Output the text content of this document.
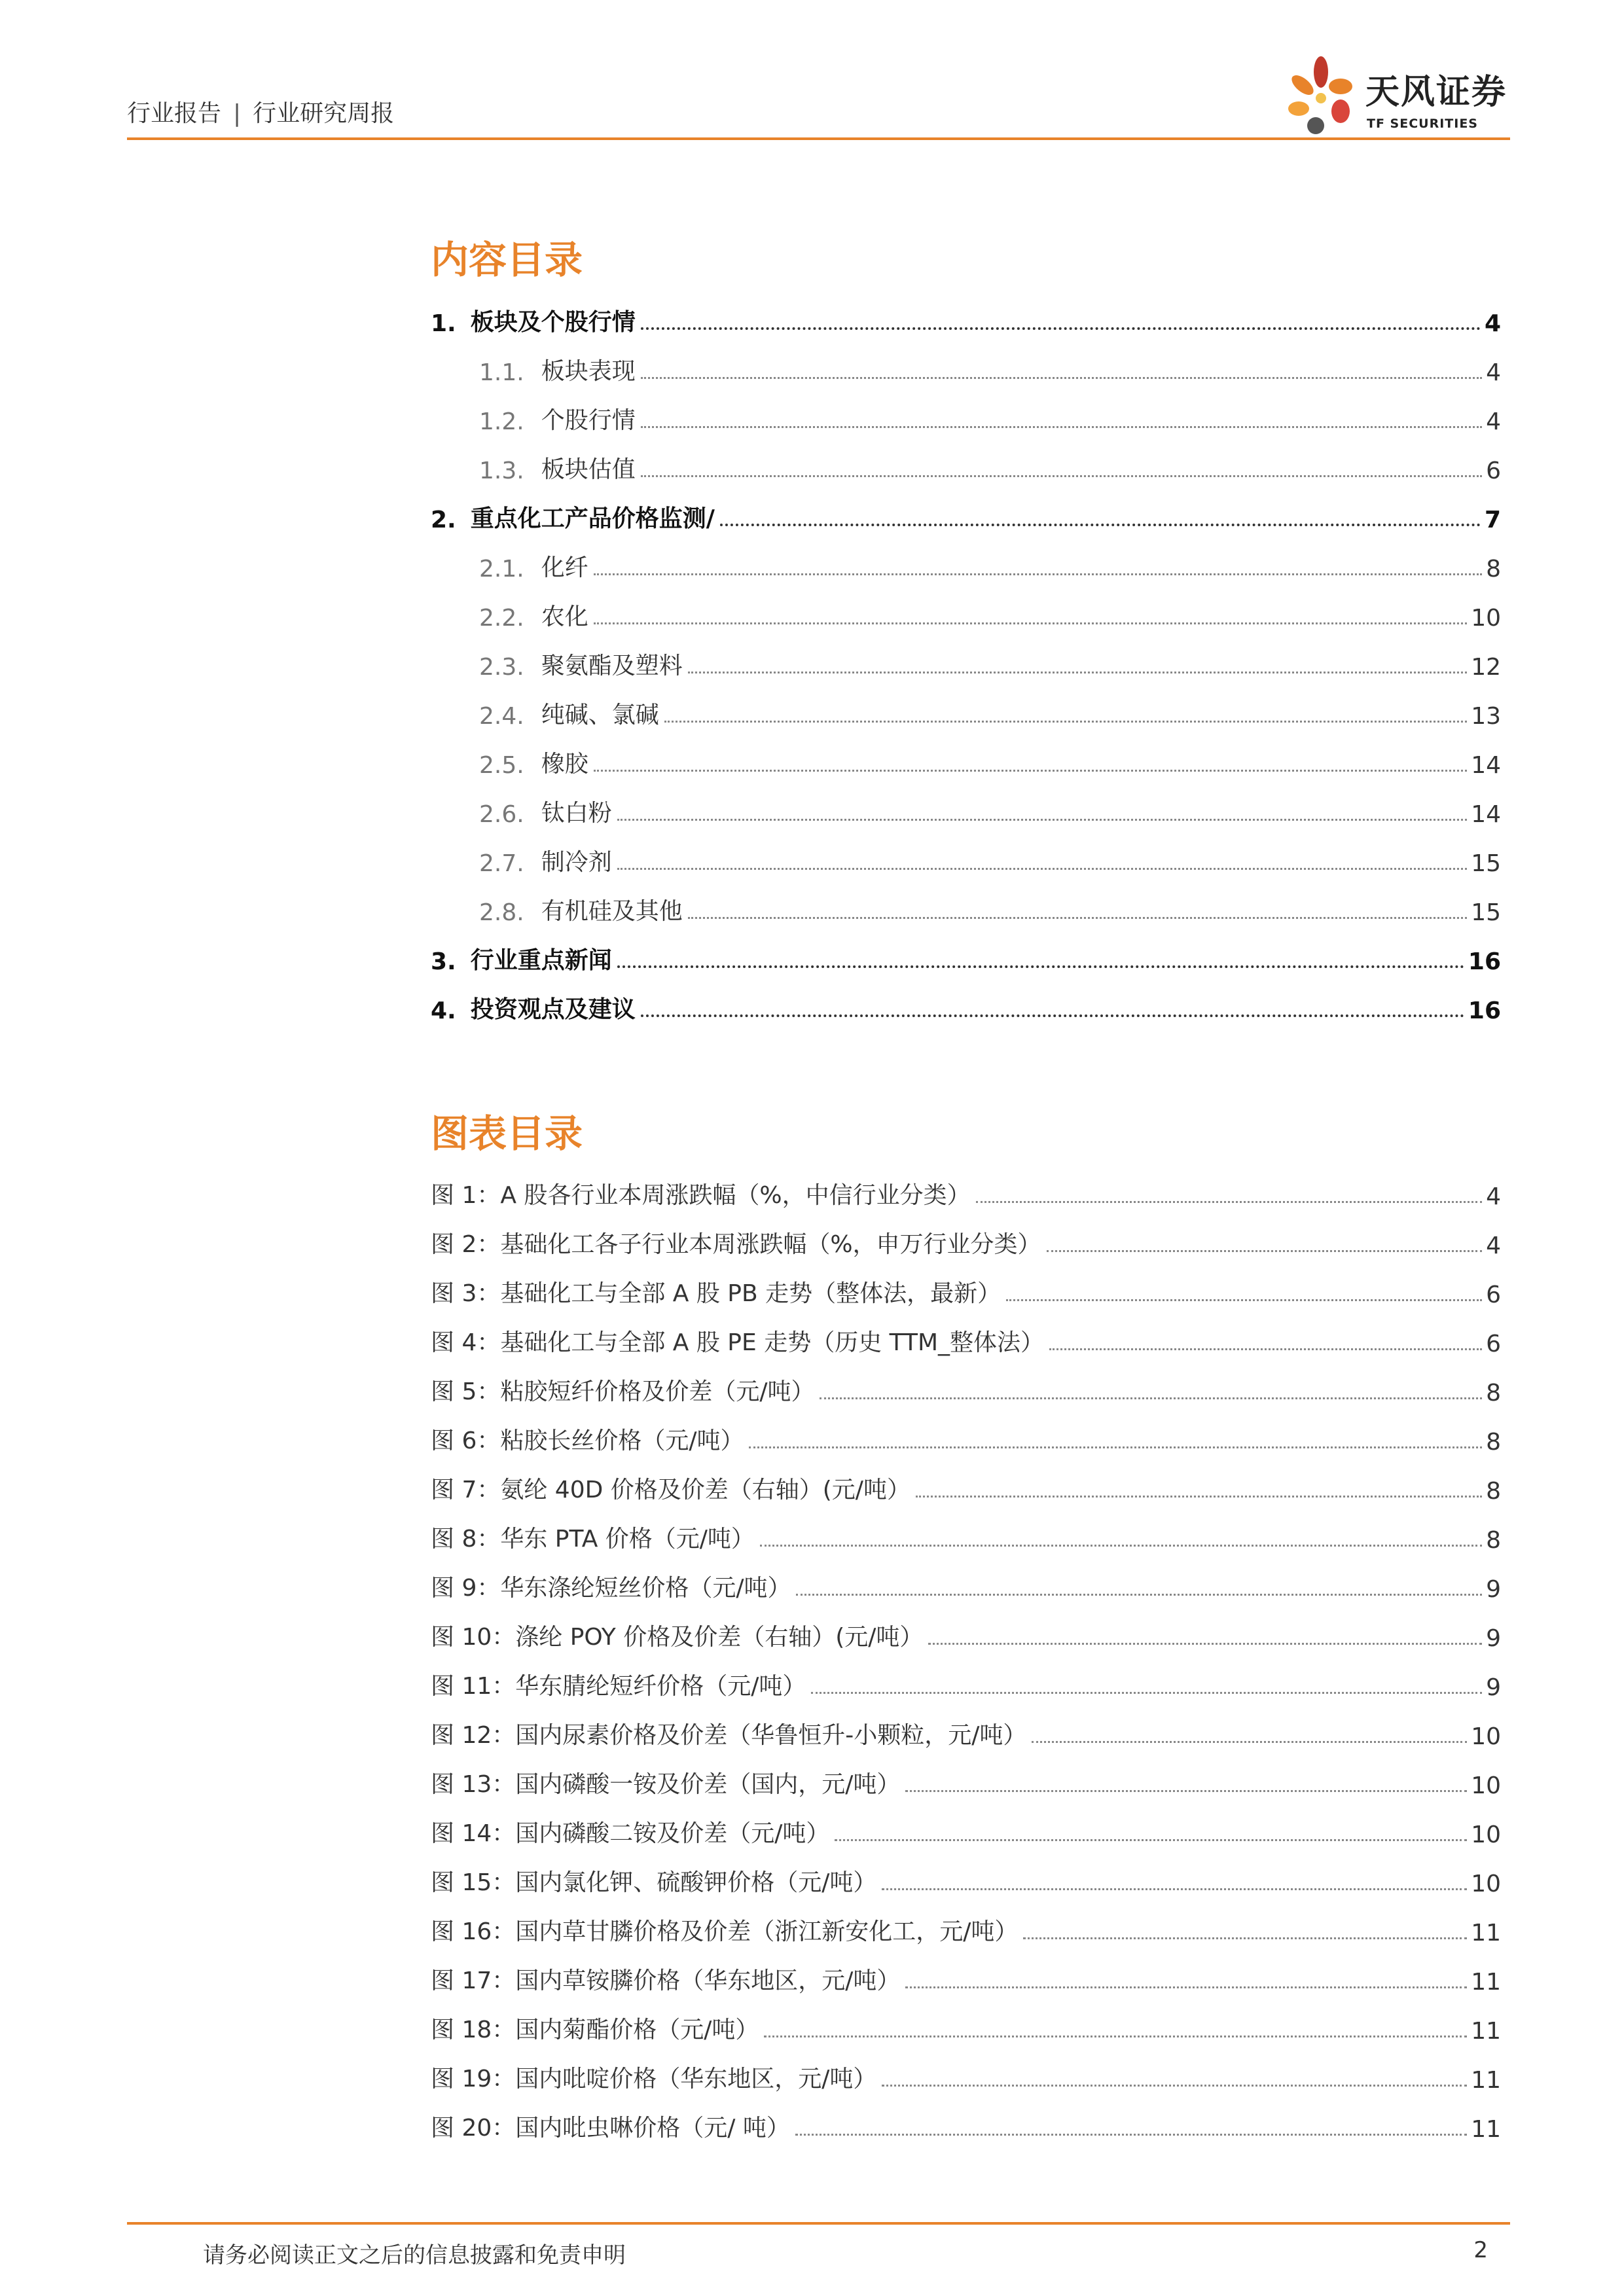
行业报告 | 行业研究周报
天风证券
TF SECURITIES
内容目录
1. 板块及个股行情	4
1.1. 板块表现	4
1.2. 个股行情	4
1.3. 板块估值	6
2. 重点化工产品价格监测/	7
2.1. 化纤	8
2.2. 农化	10
2.3. 聚氨酯及塑料	12
2.4. 纯碱、氯碱	13
2.5. 橡胶	14
2.6. 钛白粉	14
2.7. 制冷剂	15
2.8. 有机硅及其他	15
3. 行业重点新闻	16
4. 投资观点及建议	16
图表目录
图 1：A 股各行业本周涨跌幅（%，中信行业分类）	4
图 2：基础化工各子行业本周涨跌幅（%，申万行业分类）	4
图 3：基础化工与全部 A 股 PB 走势（整体法，最新）	6
图 4：基础化工与全部 A 股 PE 走势（历史 TTM_整体法）	6
图 5：粘胶短纤价格及价差（元/吨）	8
图 6：粘胶长丝价格（元/吨）	8
图 7：氨纶 40D 价格及价差（右轴）(元/吨）	8
图 8：华东 PTA 价格（元/吨）	8
图 9：华东涤纶短丝价格（元/吨）	9
图 10：涤纶 POY 价格及价差（右轴）(元/吨）	9
图 11：华东腈纶短纤价格（元/吨）	9
图 12：国内尿素价格及价差（华鲁恒升-小颗粒，元/吨）	10
图 13：国内磷酸一铵及价差（国内，元/吨）	10
图 14：国内磷酸二铵及价差（元/吨）	10
图 15：国内氯化钾、硫酸钾价格（元/吨）	10
图 16：国内草甘膦价格及价差（浙江新安化工，元/吨）	11
图 17：国内草铵膦价格（华东地区，元/吨）	11
图 18：国内菊酯价格（元/吨）	11
图 19：国内吡啶价格（华东地区，元/吨）	11
图 20：国内吡虫啉价格（元/ 吨）	11
请务必阅读正文之后的信息披露和免责申明	2
